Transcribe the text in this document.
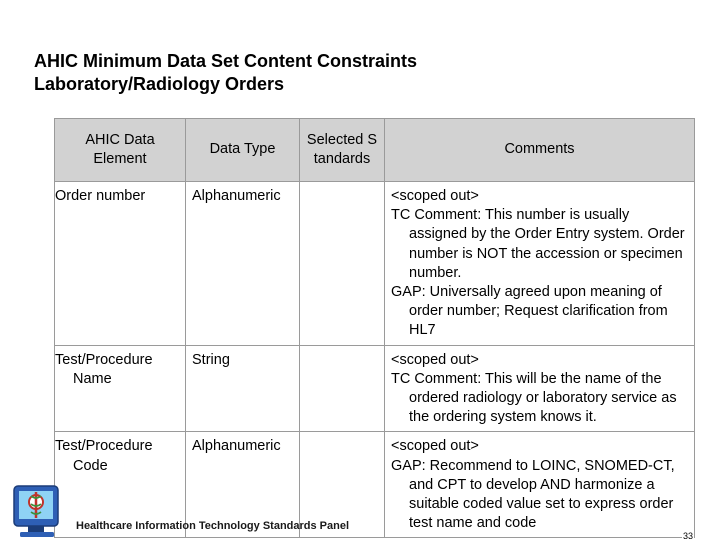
AHIC Minimum Data Set Content Constraints
Laboratory/Radiology Orders
AHIC Data Element	Data Type	Selected Standards	Comments
Order number	Alphanumeric		<scoped out>
TC Comment: This number is usually assigned by the Order Entry system. Order number is NOT the accession or specimen number.
GAP: Universally agreed upon meaning of order number; Request clarification from HL7

Test/Procedure Name	String		<scoped out>
TC Comment: This will be the name of the ordered radiology or laboratory service as the ordering system knows it.

Test/Procedure Code	Alphanumeric		<scoped out>
GAP: Recommend to LOINC, SNOMED-CT, and CPT to develop AND harmonize a suitable coded value set to express order test name and code
Healthcare Information Technology Standards Panel
33
